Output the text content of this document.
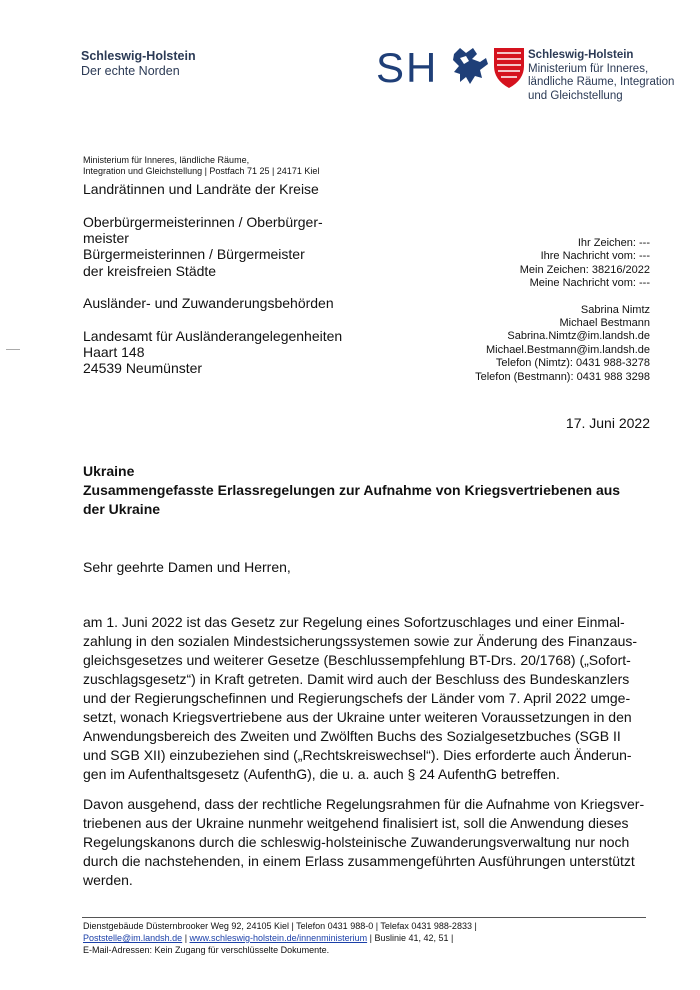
Schleswig-Holstein
Der echte Norden	SH	Schleswig-Holstein
Ministerium für Inneres,
ländliche Räume, Integration
und Gleichstellung
Ministerium für Inneres, ländliche Räume,
Integration und Gleichstellung | Postfach 71 25 | 24171 Kiel
Landrätinnen und Landräte der Kreise
Oberbürgermeisterinnen / Oberbürger-
meister
Bürgermeisterinnen / Bürgermeister
der kreisfreien Städte
Ausländer- und Zuwanderungsbehörden
Landesamt für Ausländerangelegenheiten
Haart 148
24539 Neumünster
Ihr Zeichen: ---
Ihre Nachricht vom: ---
Mein Zeichen: 38216/2022
Meine Nachricht vom: ---
Sabrina Nimtz
Michael Bestmann
Sabrina.Nimtz@im.landsh.de
Michael.Bestmann@im.landsh.de
Telefon (Nimtz): 0431 988-3278
Telefon (Bestmann): 0431 988 3298
17. Juni 2022
Ukraine
Zusammengefasste Erlassregelungen zur Aufnahme von Kriegsvertriebenen aus
der Ukraine
Sehr geehrte Damen und Herren,
am 1. Juni 2022 ist das Gesetz zur Regelung eines Sofortzuschlages und einer Einmal-
zahlung in den sozialen Mindestsicherungssystemen sowie zur Änderung des Finanzaus-
gleichsgesetzes und weiterer Gesetze (Beschlussempfehlung BT-Drs. 20/1768) („Sofort-
zuschlagsgesetz“) in Kraft getreten. Damit wird auch der Beschluss des Bundeskanzlers
und der Regierungschefinnen und Regierungschefs der Länder vom 7. April 2022 umge-
setzt, wonach Kriegsvertriebene aus der Ukraine unter weiteren Voraussetzungen in den
Anwendungsbereich des Zweiten und Zwölften Buchs des Sozialgesetzbuches (SGB II
und SGB XII) einzubeziehen sind („Rechtskreiswechsel“). Dies erforderte auch Änderun-
gen im Aufenthaltsgesetz (AufenthG), die u. a. auch § 24 AufenthG betreffen.
Davon ausgehend, dass der rechtliche Regelungsrahmen für die Aufnahme von Kriegsver-
triebenen aus der Ukraine nunmehr weitgehend finalisiert ist, soll die Anwendung dieses
Regelungskanons durch die schleswig-holsteinische Zuwanderungsverwaltung nur noch
durch die nachstehenden, in einem Erlass zusammengeführten Ausführungen unterstützt
werden.
Dienstgebäude Düsternbrooker Weg 92, 24105 Kiel | Telefon 0431 988-0 | Telefax 0431 988-2833 |
Poststelle@im.landsh.de | www.schleswig-holstein.de/innenministerium | Buslinie 41, 42, 51 |
E-Mail-Adressen: Kein Zugang für verschlüsselte Dokumente.
